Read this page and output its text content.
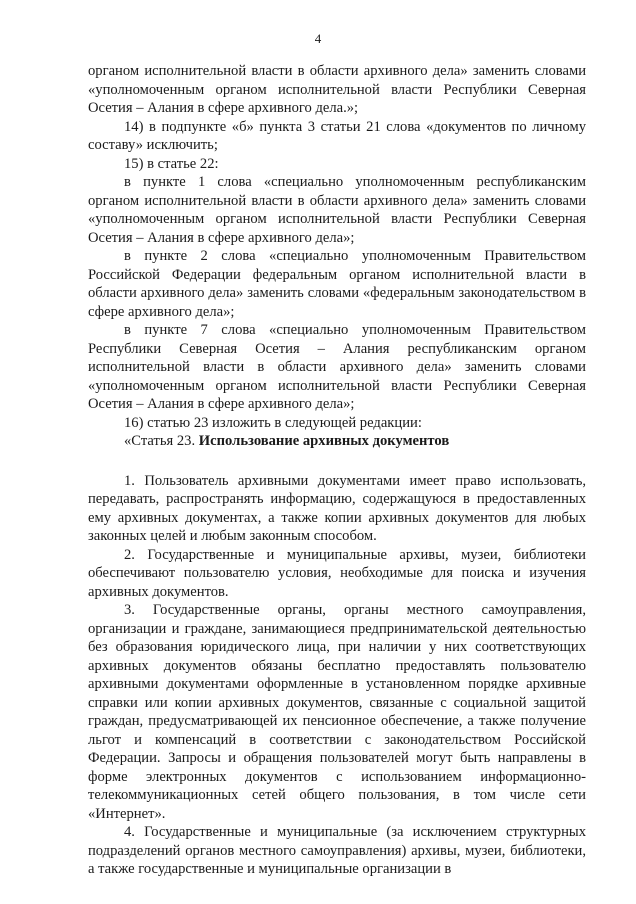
4

органом исполнительной власти в области архивного дела» заменить словами «уполномоченным органом исполнительной власти Республики Северная Осетия – Алания в сфере архивного дела.»;

14) в подпункте «б» пункта 3 статьи 21 слова «документов по личному составу» исключить;

15) в статье 22:

в пункте 1 слова «специально уполномоченным республиканским органом исполнительной власти в области архивного дела» заменить словами «уполномоченным органом исполнительной власти Республики Северная Осетия – Алания в сфере архивного дела»;

в пункте 2 слова «специально уполномоченным Правительством Российской Федерации федеральным органом исполнительной власти в области архивного дела» заменить словами «федеральным законодательством в сфере архивного дела»;

в пункте 7 слова «специально уполномоченным Правительством Республики Северная Осетия – Алания республиканским органом исполнительной власти в области архивного дела» заменить словами «уполномоченным органом исполнительной власти Республики Северная Осетия – Алания в сфере архивного дела»;

16) статью 23 изложить в следующей редакции:

«Статья 23. Использование архивных документов

1. Пользователь архивными документами имеет право использовать, передавать, распространять информацию, содержащуюся в предоставленных ему архивных документах, а также копии архивных документов для любых законных целей и любым законным способом.

2. Государственные и муниципальные архивы, музеи, библиотеки обеспечивают пользователю условия, необходимые для поиска и изучения архивных документов.

3. Государственные органы, органы местного самоуправления, организации и граждане, занимающиеся предпринимательской деятельностью без образования юридического лица, при наличии у них соответствующих архивных документов обязаны бесплатно предоставлять пользователю архивными документами оформленные в установленном порядке архивные справки или копии архивных документов, связанные с социальной защитой граждан, предусматривающей их пенсионное обеспечение, а также получение льгот и компенсаций в соответствии с законодательством Российской Федерации. Запросы и обращения пользователей могут быть направлены в форме электронных документов с использованием информационно-телекоммуникационных сетей общего пользования, в том числе сети «Интернет».

4. Государственные и муниципальные (за исключением структурных подразделений органов местного самоуправления) архивы, музеи, библиотеки, а также государственные и муниципальные организации в
